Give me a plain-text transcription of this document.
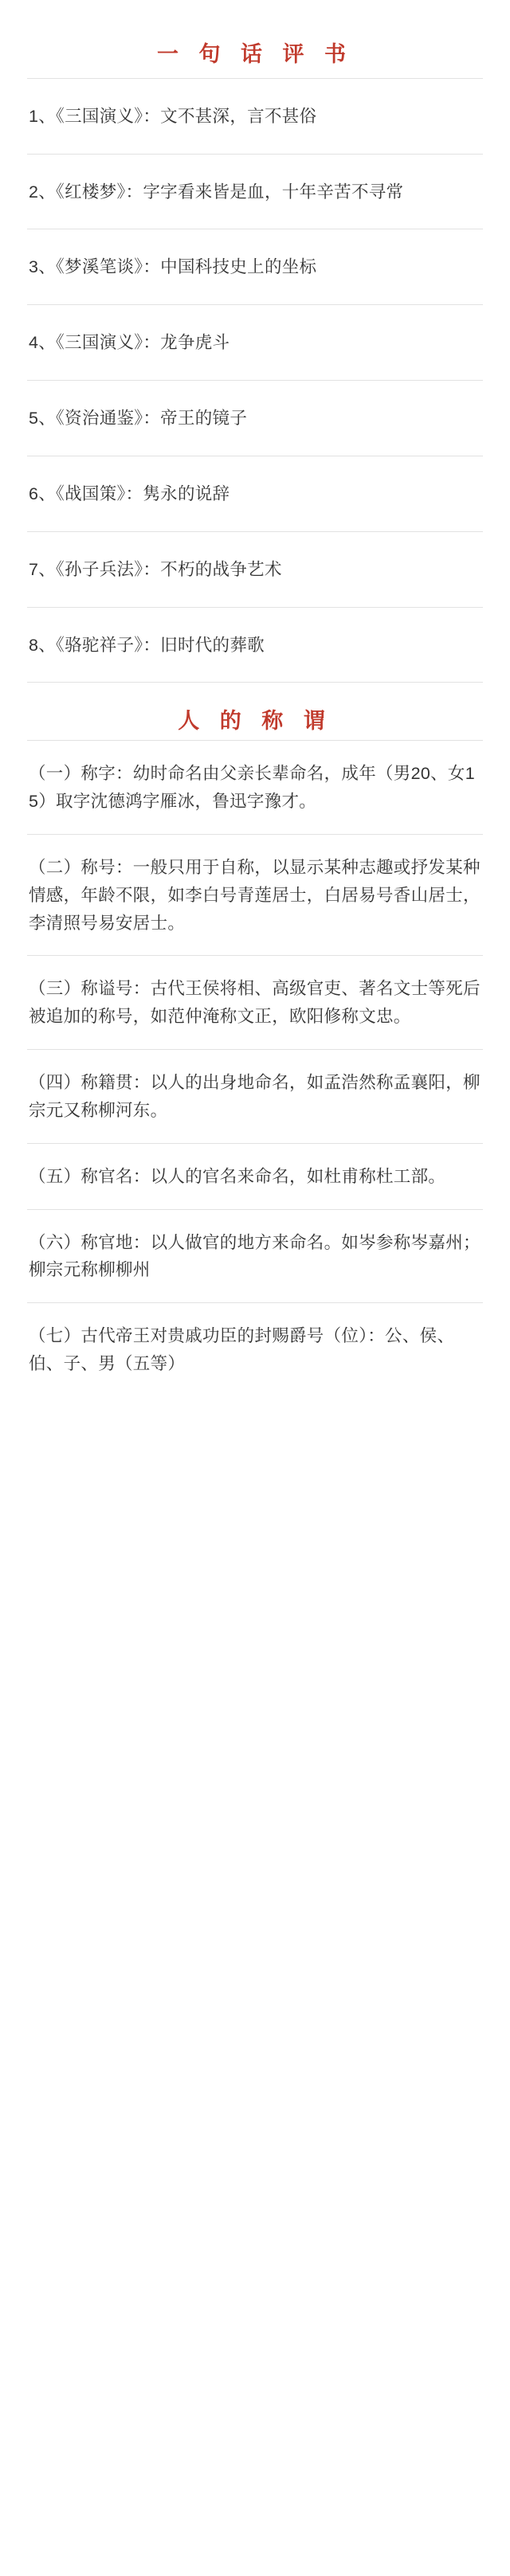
一 句 话 评 书
1、《三国演义》：文不甚深，言不甚俗
2、《红楼梦》：字字看来皆是血，十年辛苦不寻常
3、《梦溪笔谈》：中国科技史上的坐标
4、《三国演义》：龙争虎斗
5、《资治通鉴》：帝王的镜子
6、《战国策》：隽永的说辞
7、《孙子兵法》：不朽的战争艺术
8、《骆驼祥子》：旧时代的葬歌
人 的 称 谓
（一）称字：幼时命名由父亲长辈命名，成年（男20、女15）取字沈德鸿字雁冰，鲁迅字豫才。
（二）称号：一般只用于自称，以显示某种志趣或抒发某种情感，年龄不限，如李白号青莲居士，白居易号香山居士，李清照号易安居士。
（三）称谥号：古代王侯将相、高级官吏、著名文士等死后被追加的称号，如范仲淹称文正，欧阳修称文忠。
（四）称籍贯：以人的出身地命名，如孟浩然称孟襄阳，柳宗元又称柳河东。
（五）称官名：以人的官名来命名，如杜甫称杜工部。
（六）称官地：以人做官的地方来命名。如岑参称岑嘉州；柳宗元称柳柳州
（七）古代帝王对贵戚功臣的封赐爵号（位）：公、侯、伯、子、男（五等）
